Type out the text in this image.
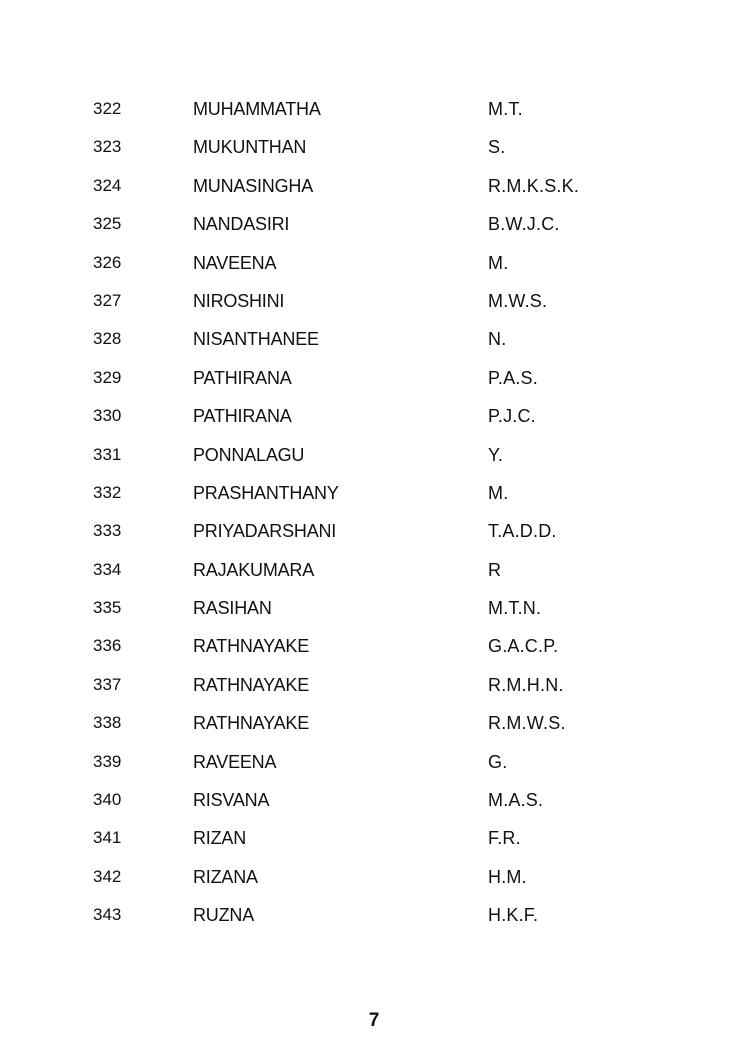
322	MUHAMMATHA	M.T.
323	MUKUNTHAN	S.
324	MUNASINGHA	R.M.K.S.K.
325	NANDASIRI	B.W.J.C.
326	NAVEENA	M.
327	NIROSHINI	M.W.S.
328	NISANTHANEE	N.
329	PATHIRANA	P.A.S.
330	PATHIRANA	P.J.C.
331	PONNALAGU	Y.
332	PRASHANTHANY	M.
333	PRIYADARSHANI	T.A.D.D.
334	RAJAKUMARA	R
335	RASIHAN	M.T.N.
336	RATHNAYAKE	G.A.C.P.
337	RATHNAYAKE	R.M.H.N.
338	RATHNAYAKE	R.M.W.S.
339	RAVEENA	G.
340	RISVANA	M.A.S.
341	RIZAN	F.R.
342	RIZANA	H.M.
343	RUZNA	H.K.F.
7
